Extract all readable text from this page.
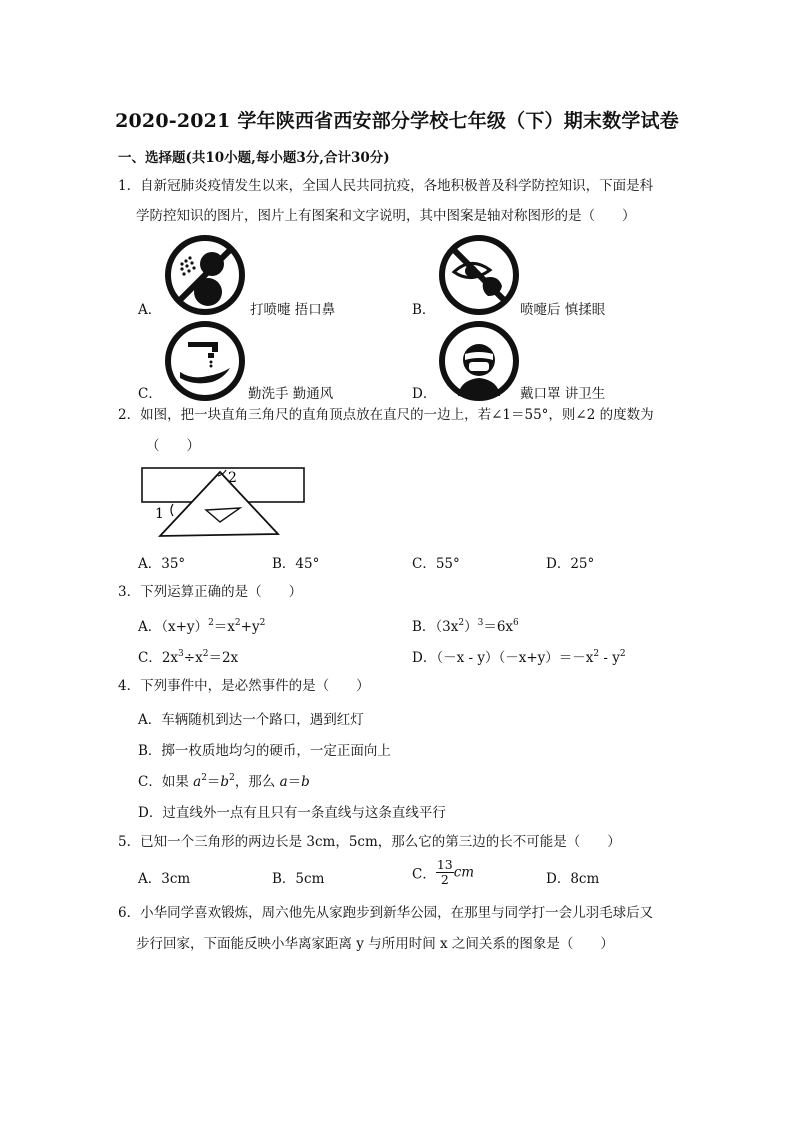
2020-2021 学年陕西省西安部分学校七年级（下）期末数学试卷
一、选择题(共10小题,每小题3分,合计30分)
1．自新冠肺炎疫情发生以来，全国人民共同抗疫，各地积极普及科学防控知识，下面是科
学防控知识的图片，图片上有图案和文字说明，其中图案是轴对称图形的是（　　）
A．	打喷嚏 捂口鼻	B．	喷嚏后 慎揉眼
C．	勤洗手 勤通风	D．	戴口罩 讲卫生
2．如图，把一块直角三角尺的直角顶点放在直尺的一边上，若∠1＝55°，则∠2 的度数为
（　　）
1
2
A．35°	B．45°	C．55°	D．25°
3．下列运算正确的是（　　）
A．$(x+y)^2=x^2+y^2$	B．$(3x^2)^3=6x^6$
C．$2x^3\div x^2=2x$	D．$(-x - y)(-x+y)=-x^2 - y^2$
4．下列事件中，是必然事件的是（　　）
A．车辆随机到达一个路口，遇到红灯
B．掷一枚质地均匀的硬币，一定正面向上
C．如果 $a^2=b^2$，那么 a＝b
D．过直线外一点有且只有一条直线与这条直线平行
5．已知一个三角形的两边长是 3cm，5cm，那么它的第三边的长不可能是（　　）
A．3cm	B．5cm	C． $\frac{13}{2}$ cm	D．8cm
6．小华同学喜欢锻炼，周六他先从家跑步到新华公园，在那里与同学打一会儿羽毛球后又
步行回家，下面能反映小华离家距离 y 与所用时间 x 之间关系的图象是（　　）
